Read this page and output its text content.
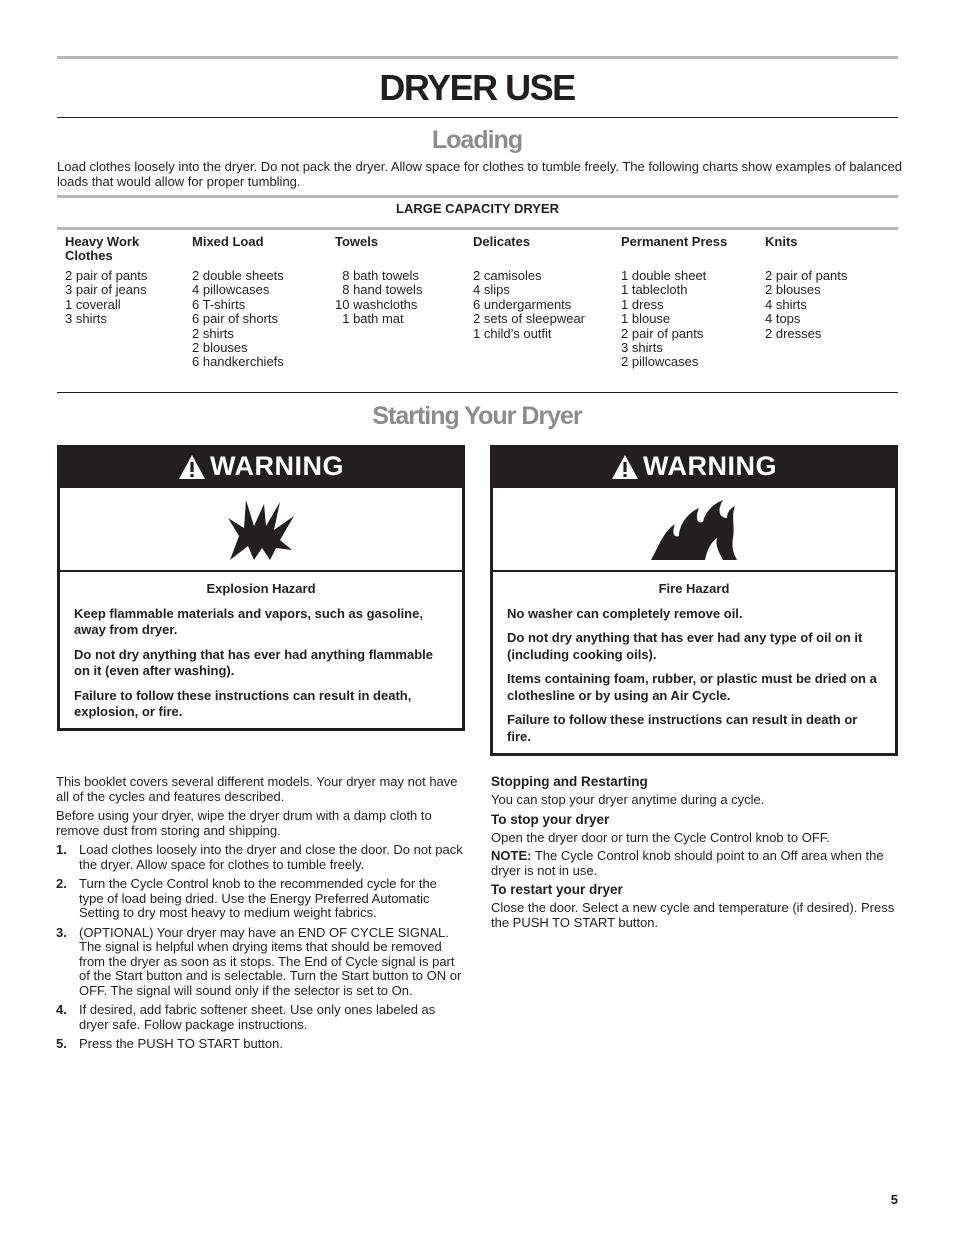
DRYER USE
Loading
Load clothes loosely into the dryer. Do not pack the dryer. Allow space for clothes to tumble freely. The following charts show examples of balanced loads that would allow for proper tumbling.
LARGE CAPACITY DRYER
Heavy Work Clothes
2 pair of pants
3 pair of jeans
1 coverall
3 shirts
Mixed Load
2 double sheets
4 pillowcases
6 T-shirts
6 pair of shorts
2 shirts
2 blouses
6 handkerchiefs
Towels
8 bath towels
8 hand towels
10 washcloths
1 bath mat
Delicates
2 camisoles
4 slips
6 undergarments
2 sets of sleepwear
1 child’s outfit
Permanent Press
1 double sheet
1 tablecloth
1 dress
1 blouse
2 pair of pants
3 shirts
2 pillowcases
Knits
2 pair of pants
2 blouses
4 shirts
4 tops
2 dresses
Starting Your Dryer
WARNING
Explosion Hazard

Keep flammable materials and vapors, such as gasoline, away from dryer.

Do not dry anything that has ever had anything flammable on it (even after washing).

Failure to follow these instructions can result in death, explosion, or fire.

WARNING
Fire Hazard

No washer can completely remove oil.

Do not dry anything that has ever had any type of oil on it (including cooking oils).

Items containing foam, rubber, or plastic must be dried on a clothesline or by using an Air Cycle.

Failure to follow these instructions can result in death or fire.

This booklet covers several different models. Your dryer may not have all of the cycles and features described.

Before using your dryer, wipe the dryer drum with a damp cloth to remove dust from storing and shipping.

1. Load clothes loosely into the dryer and close the door. Do not pack the dryer. Allow space for clothes to tumble freely.
2. Turn the Cycle Control knob to the recommended cycle for the type of load being dried. Use the Energy Preferred Automatic Setting to dry most heavy to medium weight fabrics.
3. (OPTIONAL) Your dryer may have an END OF CYCLE SIGNAL. The signal is helpful when drying items that should be removed from the dryer as soon as it stops. The End of Cycle signal is part of the Start button and is selectable. Turn the Start button to ON or OFF. The signal will sound only if the selector is set to On.
4. If desired, add fabric softener sheet. Use only ones labeled as dryer safe. Follow package instructions.
5. Press the PUSH TO START button.
Stopping and Restarting
You can stop your dryer anytime during a cycle.
To stop your dryer
Open the dryer door or turn the Cycle Control knob to OFF.
NOTE: The Cycle Control knob should point to an Off area when the dryer is not in use.
To restart your dryer
Close the door. Select a new cycle and temperature (if desired). Press the PUSH TO START button.
5
